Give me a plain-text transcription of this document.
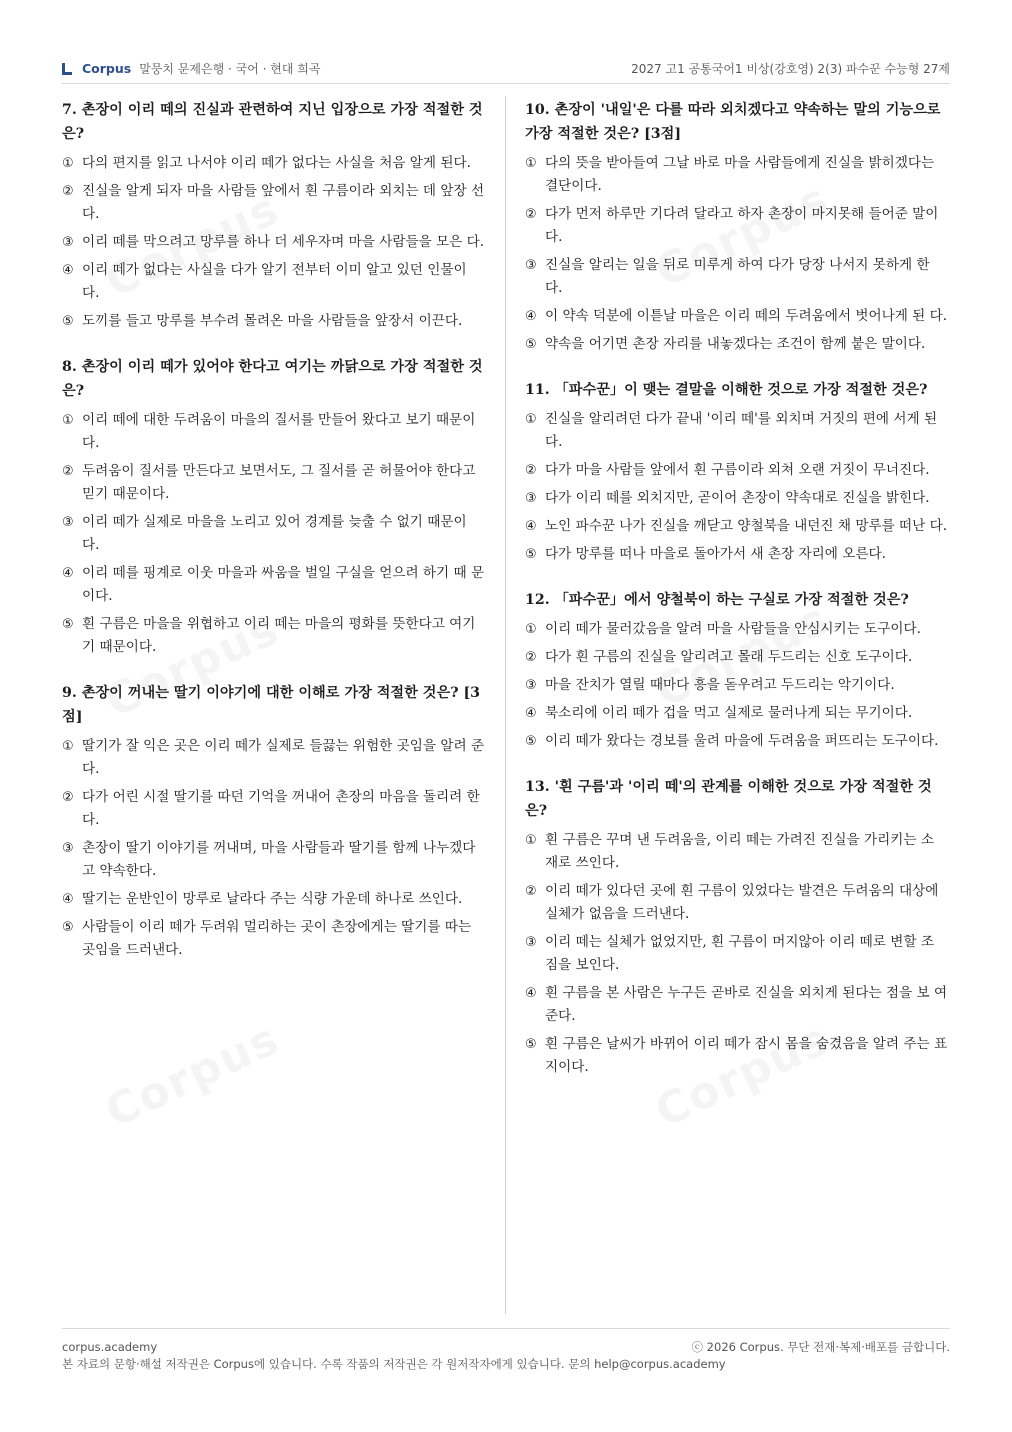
Corpus 말뭉치 문제은행 · 국어 · 현대 희곡	2027 고1 공통국어1 비상(강호영) 2(3) 파수꾼 수능형 27제
7. 촌장이 이리 떼의 진실과 관련하여 지닌 입장으로 가장 적절한 것은?
① 다의 편지를 읽고 나서야 이리 떼가 없다는 사실을 처음 알게 된다.
② 진실을 알게 되자 마을 사람들 앞에서 흰 구름이라 외치는 데 앞장 선다.
③ 이리 떼를 막으려고 망루를 하나 더 세우자며 마을 사람들을 모은 다.
④ 이리 떼가 없다는 사실을 다가 알기 전부터 이미 알고 있던 인물이 다.
⑤ 도끼를 들고 망루를 부수려 몰려온 마을 사람들을 앞장서 이끈다.
8. 촌장이 이리 떼가 있어야 한다고 여기는 까닭으로 가장 적절한 것은?
① 이리 떼에 대한 두려움이 마을의 질서를 만들어 왔다고 보기 때문이 다.
② 두려움이 질서를 만든다고 보면서도, 그 질서를 곧 허물어야 한다고 믿기 때문이다.
③ 이리 떼가 실제로 마을을 노리고 있어 경계를 늦출 수 없기 때문이 다.
④ 이리 떼를 핑계로 이웃 마을과 싸움을 벌일 구실을 얻으려 하기 때 문이다.
⑤ 흰 구름은 마을을 위협하고 이리 떼는 마을의 평화를 뜻한다고 여기 기 때문이다.
9. 촌장이 꺼내는 딸기 이야기에 대한 이해로 가장 적절한 것은? [3점]
① 딸기가 잘 익은 곳은 이리 떼가 실제로 들끓는 위험한 곳임을 알려 준다.
② 다가 어린 시절 딸기를 따던 기억을 꺼내어 촌장의 마음을 돌리려 한다.
③ 촌장이 딸기 이야기를 꺼내며, 마을 사람들과 딸기를 함께 나누겠다 고 약속한다.
④ 딸기는 운반인이 망루로 날라다 주는 식량 가운데 하나로 쓰인다.
⑤ 사람들이 이리 떼가 두려워 멀리하는 곳이 촌장에게는 딸기를 따는 곳임을 드러낸다.
10. 촌장이 '내일'은 다를 따라 외치겠다고 약속하는 말의 기능으로 가장 적절한 것은? [3점]
① 다의 뜻을 받아들여 그날 바로 마을 사람들에게 진실을 밝히겠다는 결단이다.
② 다가 먼저 하루만 기다려 달라고 하자 촌장이 마지못해 들어준 말이 다.
③ 진실을 알리는 일을 뒤로 미루게 하여 다가 당장 나서지 못하게 한 다.
④ 이 약속 덕분에 이튿날 마을은 이리 떼의 두려움에서 벗어나게 된 다.
⑤ 약속을 어기면 촌장 자리를 내놓겠다는 조건이 함께 붙은 말이다.
11. 「파수꾼」이 맺는 결말을 이해한 것으로 가장 적절한 것은?
① 진실을 알리려던 다가 끝내 '이리 떼'를 외치며 거짓의 편에 서게 된 다.
② 다가 마을 사람들 앞에서 흰 구름이라 외쳐 오랜 거짓이 무너진다.
③ 다가 이리 떼를 외치지만, 곧이어 촌장이 약속대로 진실을 밝힌다.
④ 노인 파수꾼 나가 진실을 깨닫고 양철북을 내던진 채 망루를 떠난 다.
⑤ 다가 망루를 떠나 마을로 돌아가서 새 촌장 자리에 오른다.
12. 「파수꾼」에서 양철북이 하는 구실로 가장 적절한 것은?
① 이리 떼가 물러갔음을 알려 마을 사람들을 안심시키는 도구이다.
② 다가 흰 구름의 진실을 알리려고 몰래 두드리는 신호 도구이다.
③ 마을 잔치가 열릴 때마다 흥을 돋우려고 두드리는 악기이다.
④ 북소리에 이리 떼가 겁을 먹고 실제로 물러나게 되는 무기이다.
⑤ 이리 떼가 왔다는 경보를 울려 마을에 두려움을 퍼뜨리는 도구이다.
13. '흰 구름'과 '이리 떼'의 관계를 이해한 것으로 가장 적절한 것은?
① 흰 구름은 꾸며 낸 두려움을, 이리 떼는 가려진 진실을 가리키는 소 재로 쓰인다.
② 이리 떼가 있다던 곳에 흰 구름이 있었다는 발견은 두려움의 대상에 실체가 없음을 드러낸다.
③ 이리 떼는 실체가 없었지만, 흰 구름이 머지않아 이리 떼로 변할 조 짐을 보인다.
④ 흰 구름을 본 사람은 누구든 곧바로 진실을 외치게 된다는 점을 보 여 준다.
⑤ 흰 구름은 날씨가 바뀌어 이리 떼가 잠시 몸을 숨겼음을 알려 주는 표지이다.
corpus.academy	ⓒ 2026 Corpus. 무단 전재·복제·배포를 금합니다.
본 자료의 문항·해설 저작권은 Corpus에 있습니다. 수록 작품의 저작권은 각 원저작자에게 있습니다. 문의 help@corpus.academy
